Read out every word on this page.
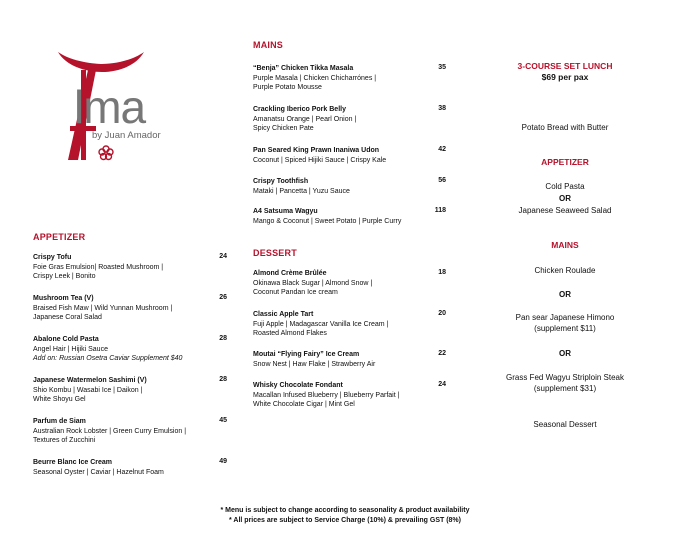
lma
by Juan Amador
APPETIZER
Crispy Tofu
Foie Gras Emulsion| Roasted Mushroom |
Crispy Leek | Bonito
24
Mushroom Tea (V)
Braised Fish Maw | Wild Yunnan Mushroom |
Japanese Coral Salad
26
Abalone Cold Pasta
Angel Hair | Hijiki Sauce
Add on: Russian Osetra Caviar Supplement $40
28
Japanese Watermelon Sashimi (V)
Shio Kombu | Wasabi Ice | Daikon |
White Shoyu Gel
28
Parfum de Siam
Australian Rock Lobster | Green Curry Emulsion |
Textures of Zucchini
45
Beurre Blanc Ice Cream
Seasonal Oyster | Caviar | Hazelnut Foam
49
MAINS
“Benja” Chicken Tikka Masala
Purple Masala | Chicken Chicharrónes |
Purple Potato Mousse
35
Crackling Iberico Pork Belly
Amanatsu Orange | Pearl Onion |
Spicy Chicken Pate
38
Pan Seared King Prawn Inaniwa Udon
Coconut | Spiced Hijiki Sauce | Crispy Kale
42
Crispy Toothfish
Mataki | Pancetta | Yuzu Sauce
56
A4 Satsuma Wagyu
Mango & Coconut | Sweet Potato | Purple Curry
118
DESSERT
Almond Crème Brûlée
Okinawa Black Sugar | Almond Snow |
Coconut Pandan Ice cream
18
Classic Apple Tart
Fuji Apple | Madagascar Vanilla Ice Cream |
Roasted Almond Flakes
20
Moutai “Flying Fairy” Ice Cream
Snow Nest | Haw Flake | Strawberry Air
22
Whisky Chocolate Fondant
Macallan Infused Blueberry | Blueberry Parfait |
White Chocolate Cigar | Mint Gel
24
3-COURSE SET LUNCH
$69 per pax
Potato Bread with Butter
APPETIZER
Cold Pasta
OR
Japanese Seaweed Salad
MAINS
Chicken Roulade
OR
Pan sear Japanese Himono
(supplement $11)
OR
Grass Fed Wagyu Striploin Steak
(supplement $31)
Seasonal Dessert
* Menu is subject to change according to seasonality & product availability
* All prices are subject to Service Charge (10%) & prevailing GST (8%)
